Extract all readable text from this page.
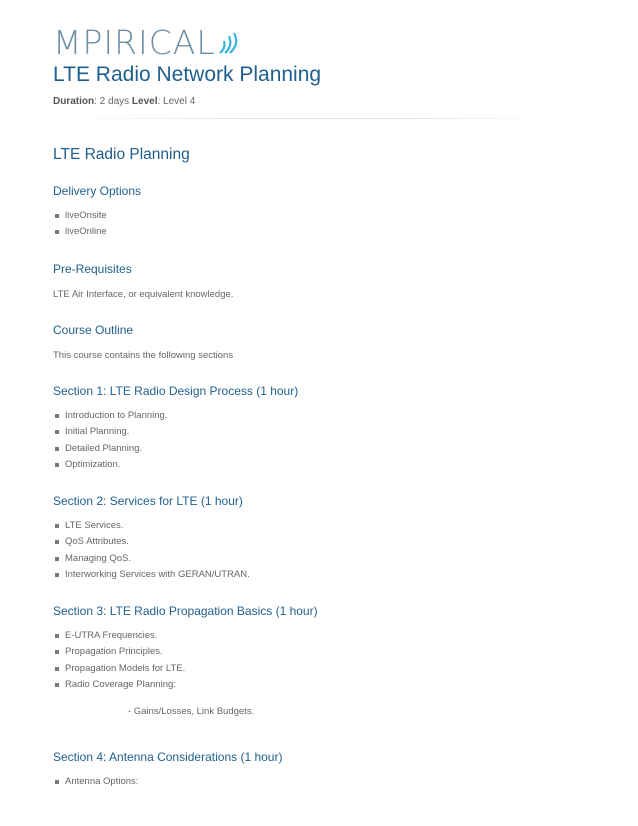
MPIRICAL
LTE Radio Network Planning
Duration: 2 days Level: Level 4
LTE Radio Planning
Delivery Options
liveOnsite
liveOnline
Pre-Requisites
LTE Air Interface, or equivalent knowledge.
Course Outline
This course contains the following sections
Section 1: LTE Radio Design Process (1 hour)
Introduction to Planning.
Initial Planning.
Detailed Planning.
Optimization.
Section 2: Services for LTE (1 hour)
LTE Services.
QoS Attributes.
Managing QoS.
Interworking Services with GERAN/UTRAN.
Section 3: LTE Radio Propagation Basics (1 hour)
E-UTRA Frequencies.
Propagation Principles.
Propagation Models for LTE.
Radio Coverage Planning:
- Gains/Losses, Link Budgets.
Section 4: Antenna Considerations (1 hour)
Antenna Options:
